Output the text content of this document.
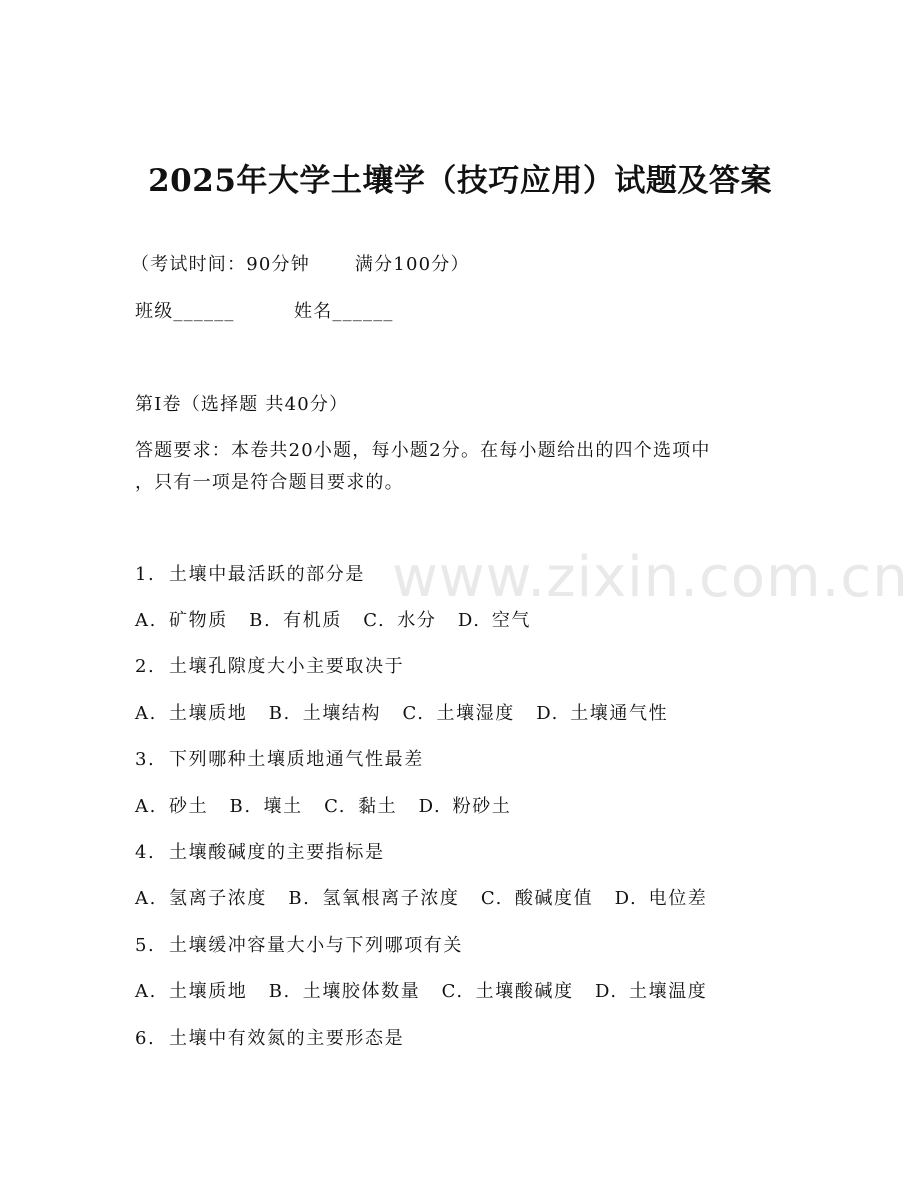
www.zixin.com.cn
2025年大学土壤学（技巧应用）试题及答案
（考试时间：90分钟	满分100分）
班级______	姓名______
第I卷（选择题 共40分）
答题要求：本卷共20小题，每小题2分。在每小题给出的四个选项中
，只有一项是符合题目要求的。
1. 土壤中最活跃的部分是
A. 矿物质 B. 有机质 C. 水分 D. 空气
2. 土壤孔隙度大小主要取决于
A. 土壤质地 B. 土壤结构 C. 土壤湿度 D. 土壤通气性
3. 下列哪种土壤质地通气性最差
A. 砂土 B. 壤土 C. 黏土 D. 粉砂土
4. 土壤酸碱度的主要指标是
A. 氢离子浓度 B. 氢氧根离子浓度 C. 酸碱度值 D. 电位差
5. 土壤缓冲容量大小与下列哪项有关
A. 土壤质地 B. 土壤胶体数量 C. 土壤酸碱度 D. 土壤温度
6. 土壤中有效氮的主要形态是
